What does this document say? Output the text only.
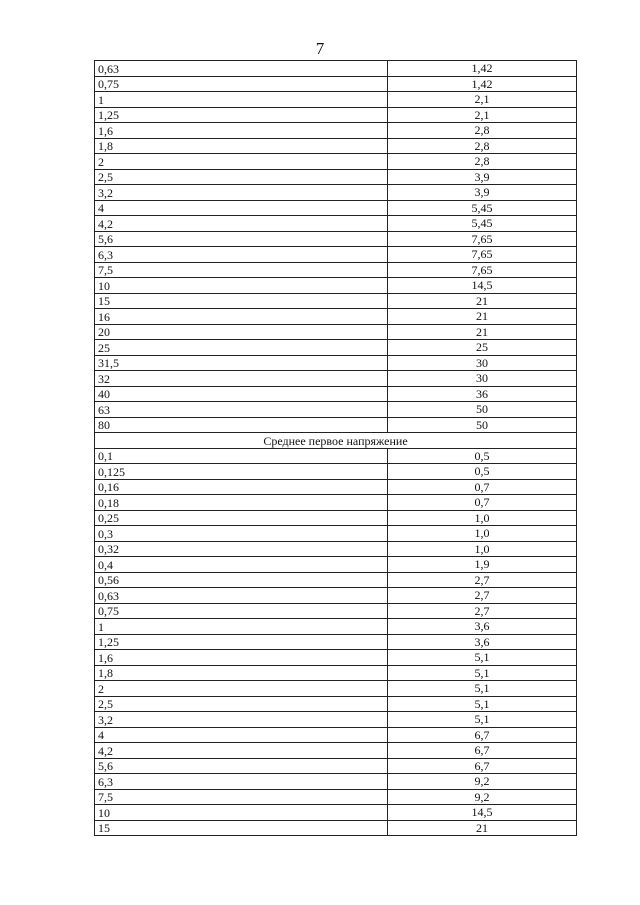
7
0,63	1,42
0,75	1,42
1	2,1
1,25	2,1
1,6	2,8
1,8	2,8
2	2,8
2,5	3,9
3,2	3,9
4	5,45
4,2	5,45
5,6	7,65
6,3	7,65
7,5	7,65
10	14,5
15	21
16	21
20	21
25	25
31,5	30
32	30
40	36
63	50
80	50
Среднее первое напряжение	
0,1	0,5
0,125	0,5
0,16	0,7
0,18	0,7
0,25	1,0
0,3	1,0
0,32	1,0
0,4	1,9
0,56	2,7
0,63	2,7
0,75	2,7
1	3,6
1,25	3,6
1,6	5,1
1,8	5,1
2	5,1
2,5	5,1
3,2	5,1
4	6,7
4,2	6,7
5,6	6,7
6,3	9,2
7,5	9,2
10	14,5
15	21
